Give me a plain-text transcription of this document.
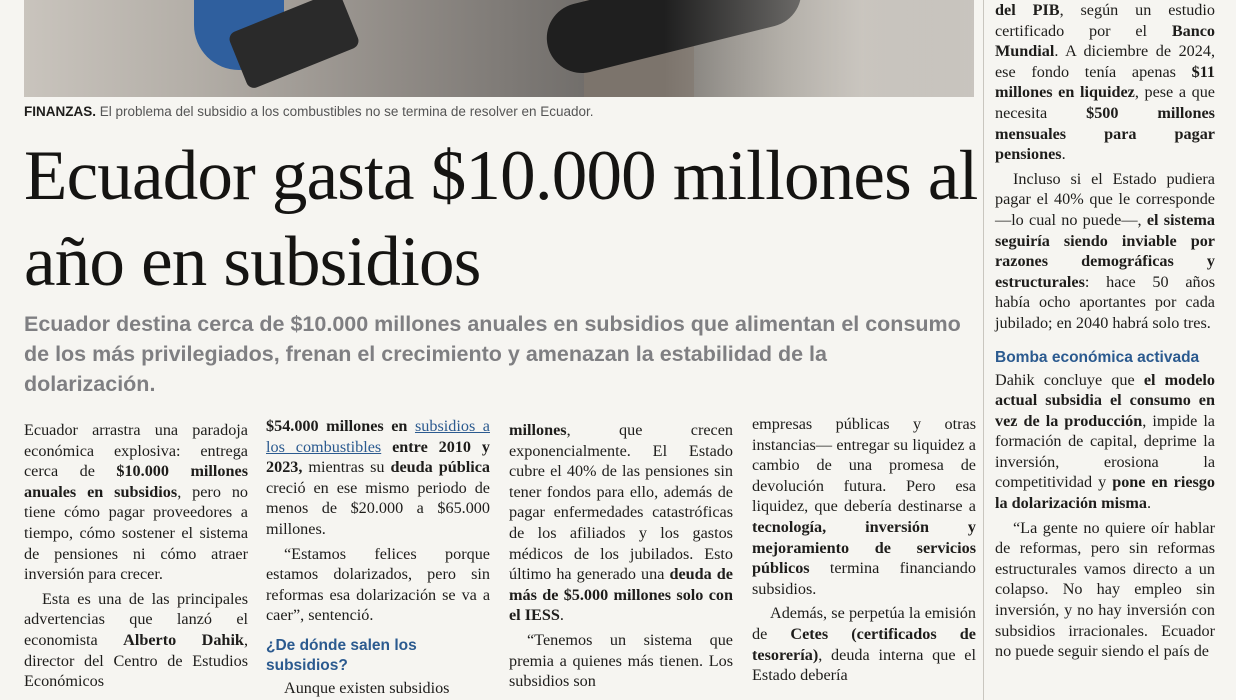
FINANZAS. El problema del subsidio a los combustibles no se termina de resolver en Ecuador.
Ecuador gasta $10.000 millones al año en subsidios

Ecuador destina cerca de $10.000 millones anuales en subsidios que alimentan el consumo de los más privilegiados, frenan el crecimiento y amenazan la estabilidad de la dolarización.

Ecuador arrastra una paradoja económica explosiva: entrega cerca de $10.000 millones anuales en subsidios, pero no tiene cómo pagar proveedores a tiempo, cómo sostener el sistema de pensiones ni cómo atraer inversión para crecer.

Esta es una de las principales advertencias que lanzó el economista Alberto Dahik, director del Centro de Estudios Económicos

$54.000 millones en subsidios a los combustibles entre 2010 y 2023, mientras su deuda pública creció en ese mismo periodo de menos de $20.000 a $65.000 millones.

“Estamos felices porque estamos dolarizados, pero sin reformas esa dolarización se va a caer”, sentenció.

¿De dónde salen los subsidios?

Aunque existen subsidios

millones, que crecen exponencialmente. El Estado cubre el 40% de las pensiones sin tener fondos para ello, además de pagar enfermedades catastróficas de los afiliados y los gastos médicos de los jubilados. Esto último ha generado una deuda de más de $5.000 millones solo con el IESS.

“Tenemos un sistema que premia a quienes más tienen. Los subsidios son

empresas públicas y otras instancias— entregar su liquidez a cambio de una promesa de devolución futura. Pero esa liquidez, que debería destinarse a tecnología, inversión y mejoramiento de servicios públicos termina financiando subsidios.

Además, se perpetúa la emisión de Cetes (certificados de tesorería), deuda interna que el Estado debería

del PIB, según un estudio certificado por el Banco Mundial. A diciembre de 2024, ese fondo tenía apenas $11 millones en liquidez, pese a que necesita $500 millones mensuales para pagar pensiones.

Incluso si el Estado pudiera pagar el 40% que le corresponde —lo cual no puede—, el sistema seguiría siendo inviable por razones demográficas y estructurales: hace 50 años había ocho aportantes por cada jubilado; en 2040 habrá solo tres.

Bomba económica activada

Dahik concluye que el modelo actual subsidia el consumo en vez de la producción, impide la formación de capital, deprime la inversión, erosiona la competitividad y pone en riesgo la dolarización misma.

“La gente no quiere oír hablar de reformas, pero sin reformas estructurales vamos directo a un colapso. No hay empleo sin inversión, y no hay inversión con subsidios irracionales. Ecuador no puede seguir siendo el país de
